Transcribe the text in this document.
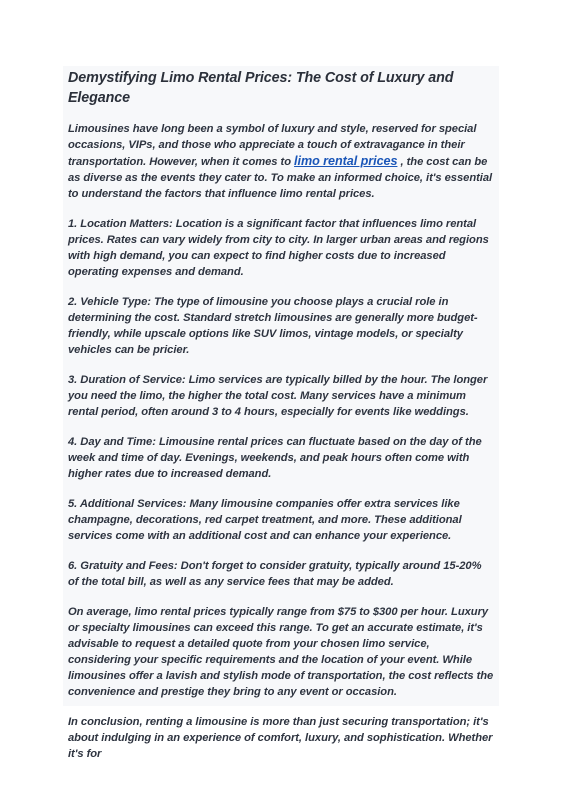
Demystifying Limo Rental Prices: The Cost of Luxury and Elegance

Limousines have long been a symbol of luxury and style, reserved for special occasions, VIPs, and those who appreciate a touch of extravagance in their transportation. However, when it comes to limo rental prices , the cost can be as diverse as the events they cater to. To make an informed choice, it's essential to understand the factors that influence limo rental prices.

1. Location Matters: Location is a significant factor that influences limo rental prices. Rates can vary widely from city to city. In larger urban areas and regions with high demand, you can expect to find higher costs due to increased operating expenses and demand.

2. Vehicle Type: The type of limousine you choose plays a crucial role in determining the cost. Standard stretch limousines are generally more budget-friendly, while upscale options like SUV limos, vintage models, or specialty vehicles can be pricier.

3. Duration of Service: Limo services are typically billed by the hour. The longer you need the limo, the higher the total cost. Many services have a minimum rental period, often around 3 to 4 hours, especially for events like weddings.

4. Day and Time: Limousine rental prices can fluctuate based on the day of the week and time of day. Evenings, weekends, and peak hours often come with higher rates due to increased demand.

5. Additional Services: Many limousine companies offer extra services like champagne, decorations, red carpet treatment, and more. These additional services come with an additional cost and can enhance your experience.

6. Gratuity and Fees: Don't forget to consider gratuity, typically around 15-20% of the total bill, as well as any service fees that may be added.

On average, limo rental prices typically range from $75 to $300 per hour. Luxury or specialty limousines can exceed this range. To get an accurate estimate, it's advisable to request a detailed quote from your chosen limo service, considering your specific requirements and the location of your event. While limousines offer a lavish and stylish mode of transportation, the cost reflects the convenience and prestige they bring to any event or occasion.

In conclusion, renting a limousine is more than just securing transportation; it's about indulging in an experience of comfort, luxury, and sophistication. Whether it's for
